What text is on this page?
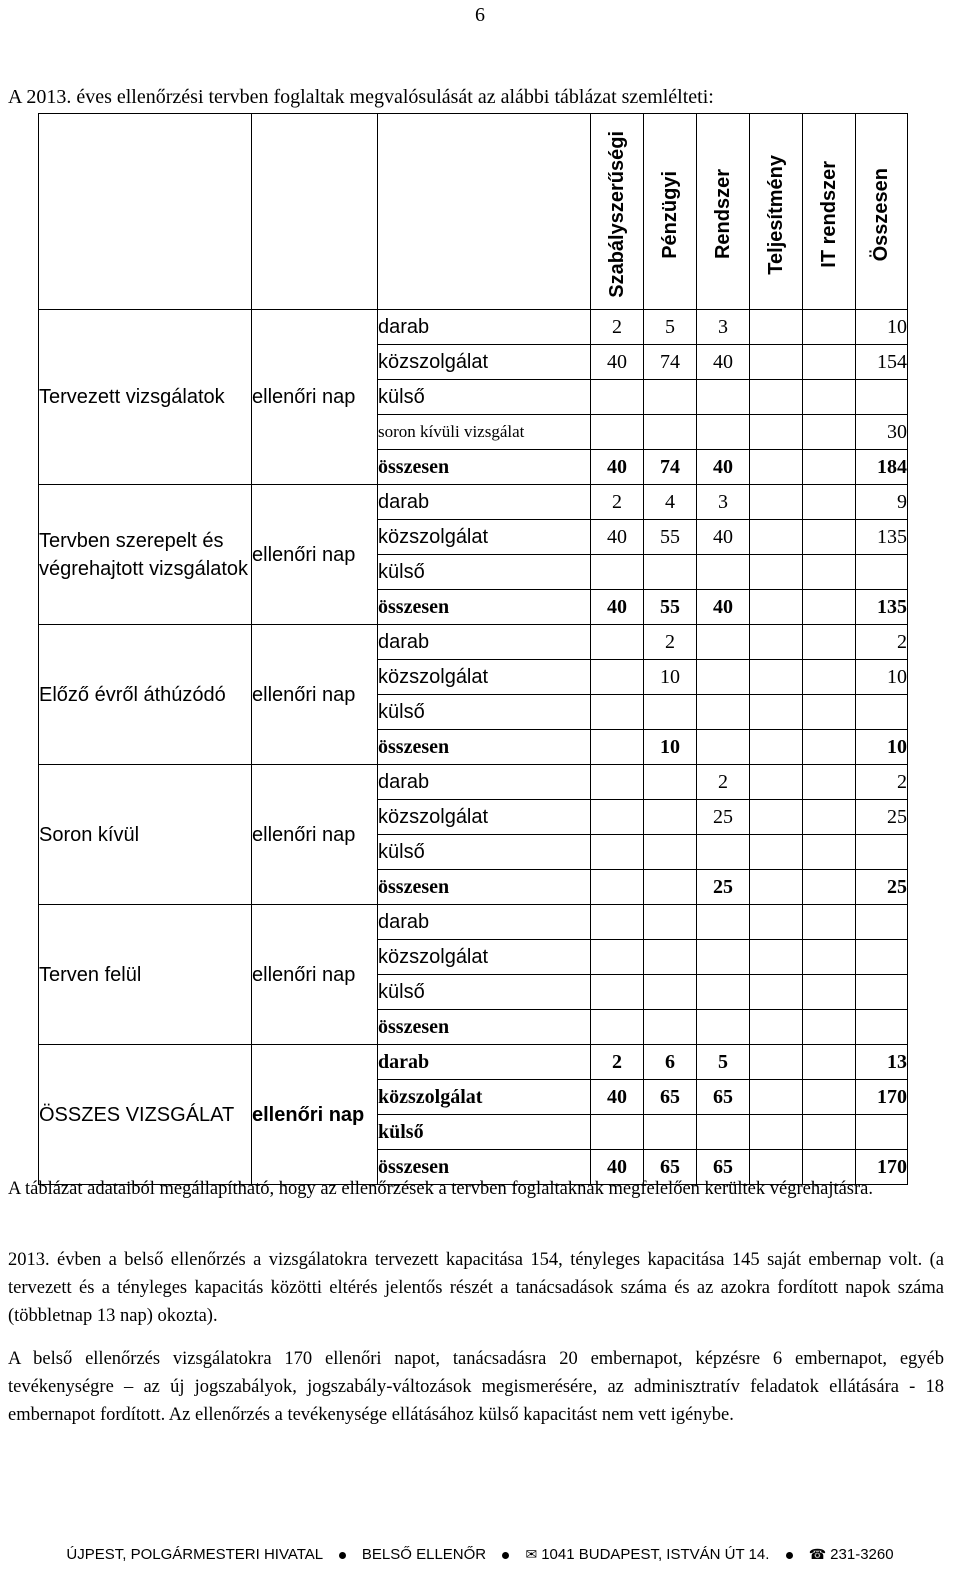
6
A 2013. éves ellenőrzési tervben foglaltak megvalósulását az alábbi táblázat szemlélteti:

			Szabályszerűségi	Pénzügyi	Rendszer	Teljesítmény	IT rendszer	Összesen

Tervezett vizsgálatok	ellenőri nap	darab	2	5	3			10
		közszolgálat	40	74	40			154
		külső						
		soron kívüli vizsgálat						30
		összesen	40	74	40			184
Tervben szerepelt és végrehajtott vizsgálatok	ellenőri nap	darab	2	4	3			9
		közszolgálat	40	55	40			135
		külső						
		összesen	40	55	40			135
Előző évről áthúzódó	ellenőri nap	darab		2				2
		közszolgálat		10				10
		külső						
		összesen		10				10
Soron kívül	ellenőri nap	darab			2			2
		közszolgálat			25			25
		külső						
		összesen			25			25
Terven felül	ellenőri nap	darab						
		közszolgálat						
		külső						
		összesen						
ÖSSZES VIZSGÁLAT	ellenőri nap	darab	2	6	5			13
		közszolgálat	40	65	65			170
		külső						
		összesen	40	65	65			170
A táblázat adataiból megállapítható, hogy az ellenőrzések a tervben foglaltaknak megfelelően kerültek végrehajtásra.
2013. évben a belső ellenőrzés a vizsgálatokra tervezett kapacitása 154, tényleges kapacitása 145 saját embernap volt. (a tervezett és a tényleges kapacitás közötti eltérés jelentős részét a tanácsadások száma és az azokra fordított napok száma (többletnap 13 nap) okozta).
A belső ellenőrzés vizsgálatokra 170 ellenőri napot, tanácsadásra 20 embernapot, képzésre 6 embernapot, egyéb tevékenységre – az új jogszabályok, jogszabály-változások megismerésére, az adminisztratív feladatok ellátására - 18 embernapot fordított. Az ellenőrzés a tevékenysége ellátásához külső kapacitást nem vett igénybe.
ÚJPEST, POLGÁRMESTERI HIVATAL	BELSŐ ELLENŐR	✉ 1041 BUDAPEST, ISTVÁN ÚT 14.	☎ 231-3260
